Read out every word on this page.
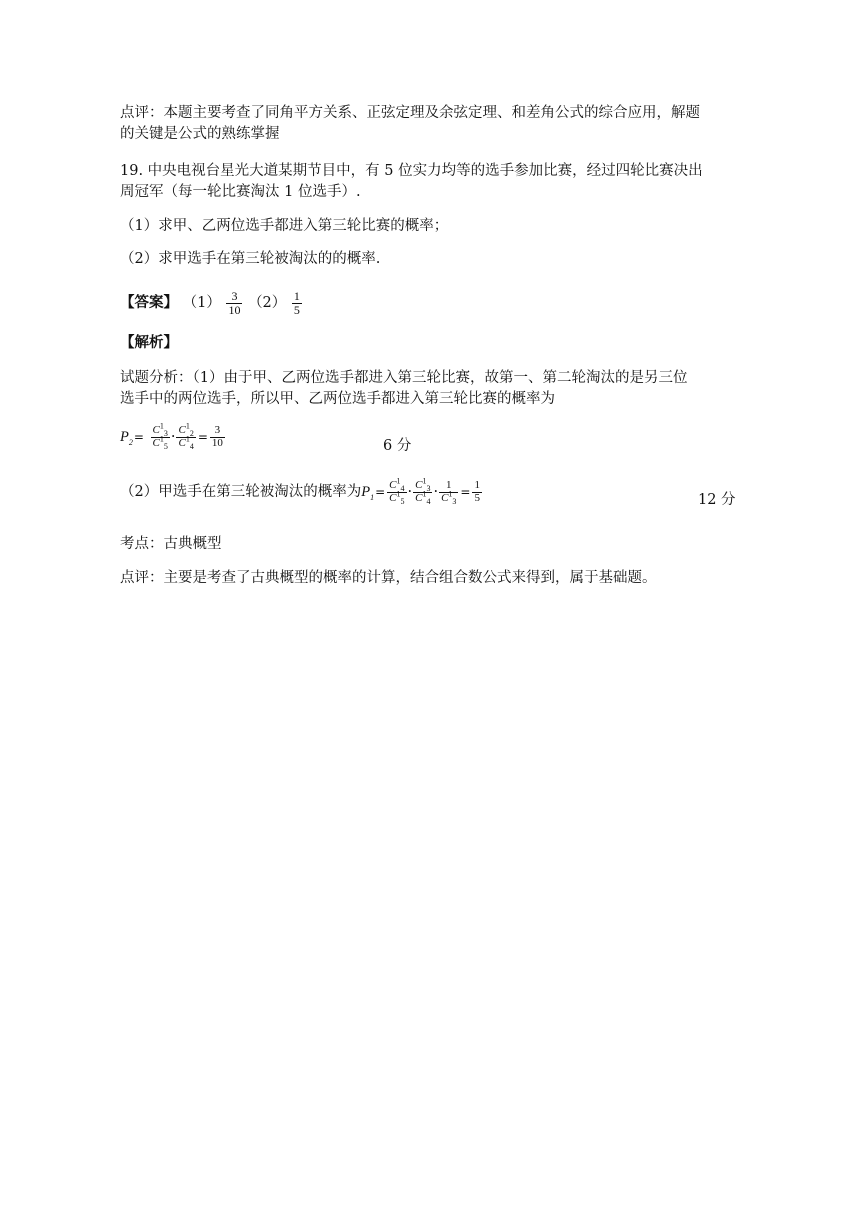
点评：本题主要考查了同角平方关系、正弦定理及余弦定理、和差角公式的综合应用，解题
的关键是公式的熟练掌握
19. 中央电视台星光大道某期节目中，有 5 位实力均等的选手参加比赛，经过四轮比赛决出
周冠军（每一轮比赛淘汰 1 位选手）.
（1）求甲、乙两位选手都进入第三轮比赛的概率；
（2）求甲选手在第三轮被淘汰的的概率.
【答案】 $(1) \frac{3}{10} (2) \frac{1}{5}$
【解析】
试题分析：（1）由于甲、乙两位选手都进入第三轮比赛，故第一、第二轮淘汰的是另三位
选手中的两位选手，所以甲、乙两位选手都进入第三轮比赛的概率为
$P_2= \frac{C^1_3}{C^1_5} \cdot \frac{C^1_2}{C^1_4} = \frac{3}{10}$	6 分
（2）甲选手在第三轮被淘汰的概率为$P_1= \frac{C^1_4}{C^1_5} \cdot \frac{C^1_3}{C^1_4} \cdot \frac{1}{C^1_3} = \frac{1}{5}$	12 分
考点：古典概型
点评：主要是考查了古典概型的概率的计算，结合组合数公式来得到，属于基础题。
